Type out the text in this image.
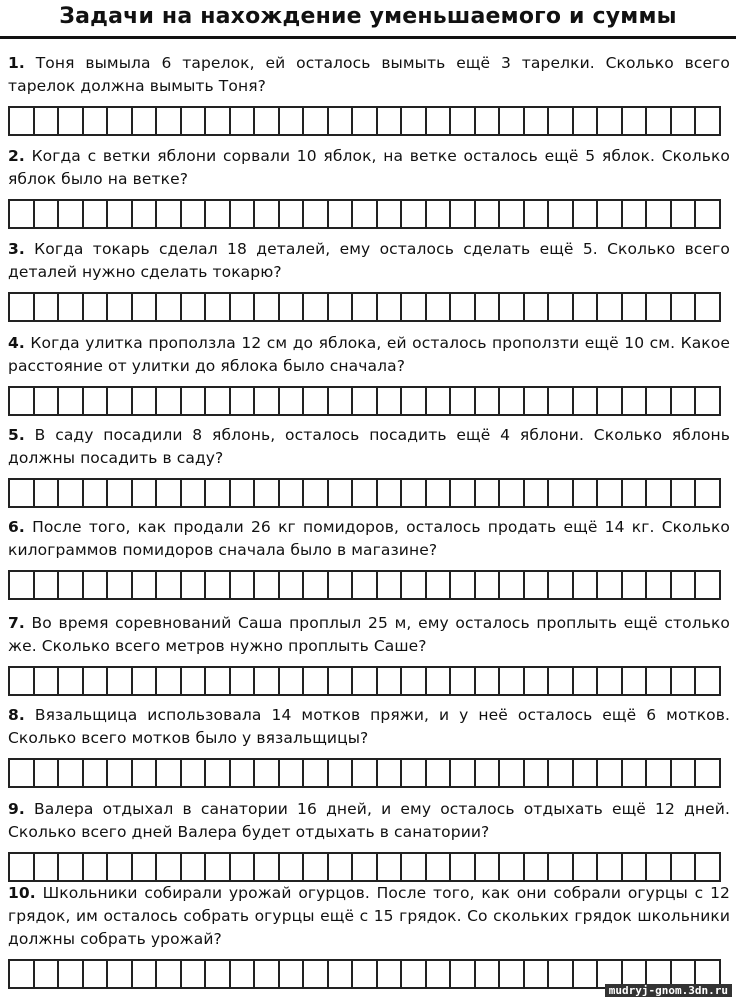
Задачи на нахождение уменьшаемого и суммы
1. Тоня вымыла 6 тарелок, ей осталось вымыть ещё 3 тарелки. Сколько всего тарелок должна вымыть Тоня?
2. Когда с ветки яблони сорвали 10 яблок, на ветке осталось ещё 5 яблок. Сколько яблок было на ветке?
3. Когда токарь сделал 18 деталей, ему осталось сделать ещё 5. Сколько всего деталей нужно сделать токарю?
4. Когда улитка проползла 12 см до яблока, ей осталось проползти ещё 10 см. Какое расстояние от улитки до яблока было сначала?
5. В саду посадили 8 яблонь, осталось посадить ещё 4 яблони. Сколько яблонь должны посадить в саду?
6. После того, как продали 26 кг помидоров, осталось продать ещё 14 кг. Сколько килограммов помидоров сначала было в магазине?
7. Во время соревнований Саша проплыл 25 м, ему осталось проплыть ещё столько же. Сколько всего метров нужно проплыть Саше?
8. Вязальщица использовала 14 мотков пряжи, и у неё осталось ещё 6 мотков. Сколько всего мотков было у вязальщицы?
9. Валера отдыхал в санатории 16 дней, и ему осталось отдыхать ещё 12 дней. Сколько всего дней Валера будет отдыхать в санатории?
10. Школьники собирали урожай огурцов. После того, как они собрали огурцы с 12 грядок, им осталось собрать огурцы ещё с 15 грядок. Со скольких грядок школьники должны собрать урожай?
mudryj-gnom.3dn.ru
